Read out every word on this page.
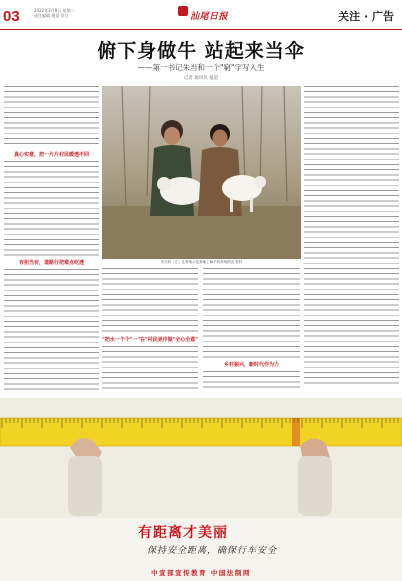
03	2022年3月8日 星期二
责任编辑 视觉 设计	汕尾日报	关注 · 广告
俯下身做牛 站起来当伞
——第一书记朱当和一个"窮"字写入生
记者 通讯员 报道
真心实意，把一片片村民暖透不回
有担当有，道路行把难点吃透	朱当和（左）在养殖示范基地了解羊的养殖情况 资料
"把水一个个"一"在"村民更作做"全心全意"
乡村振兴，新时代作为力
有距离才美丽
保持安全距离，确保行车安全
中宣部宣传教育 中国法制网
